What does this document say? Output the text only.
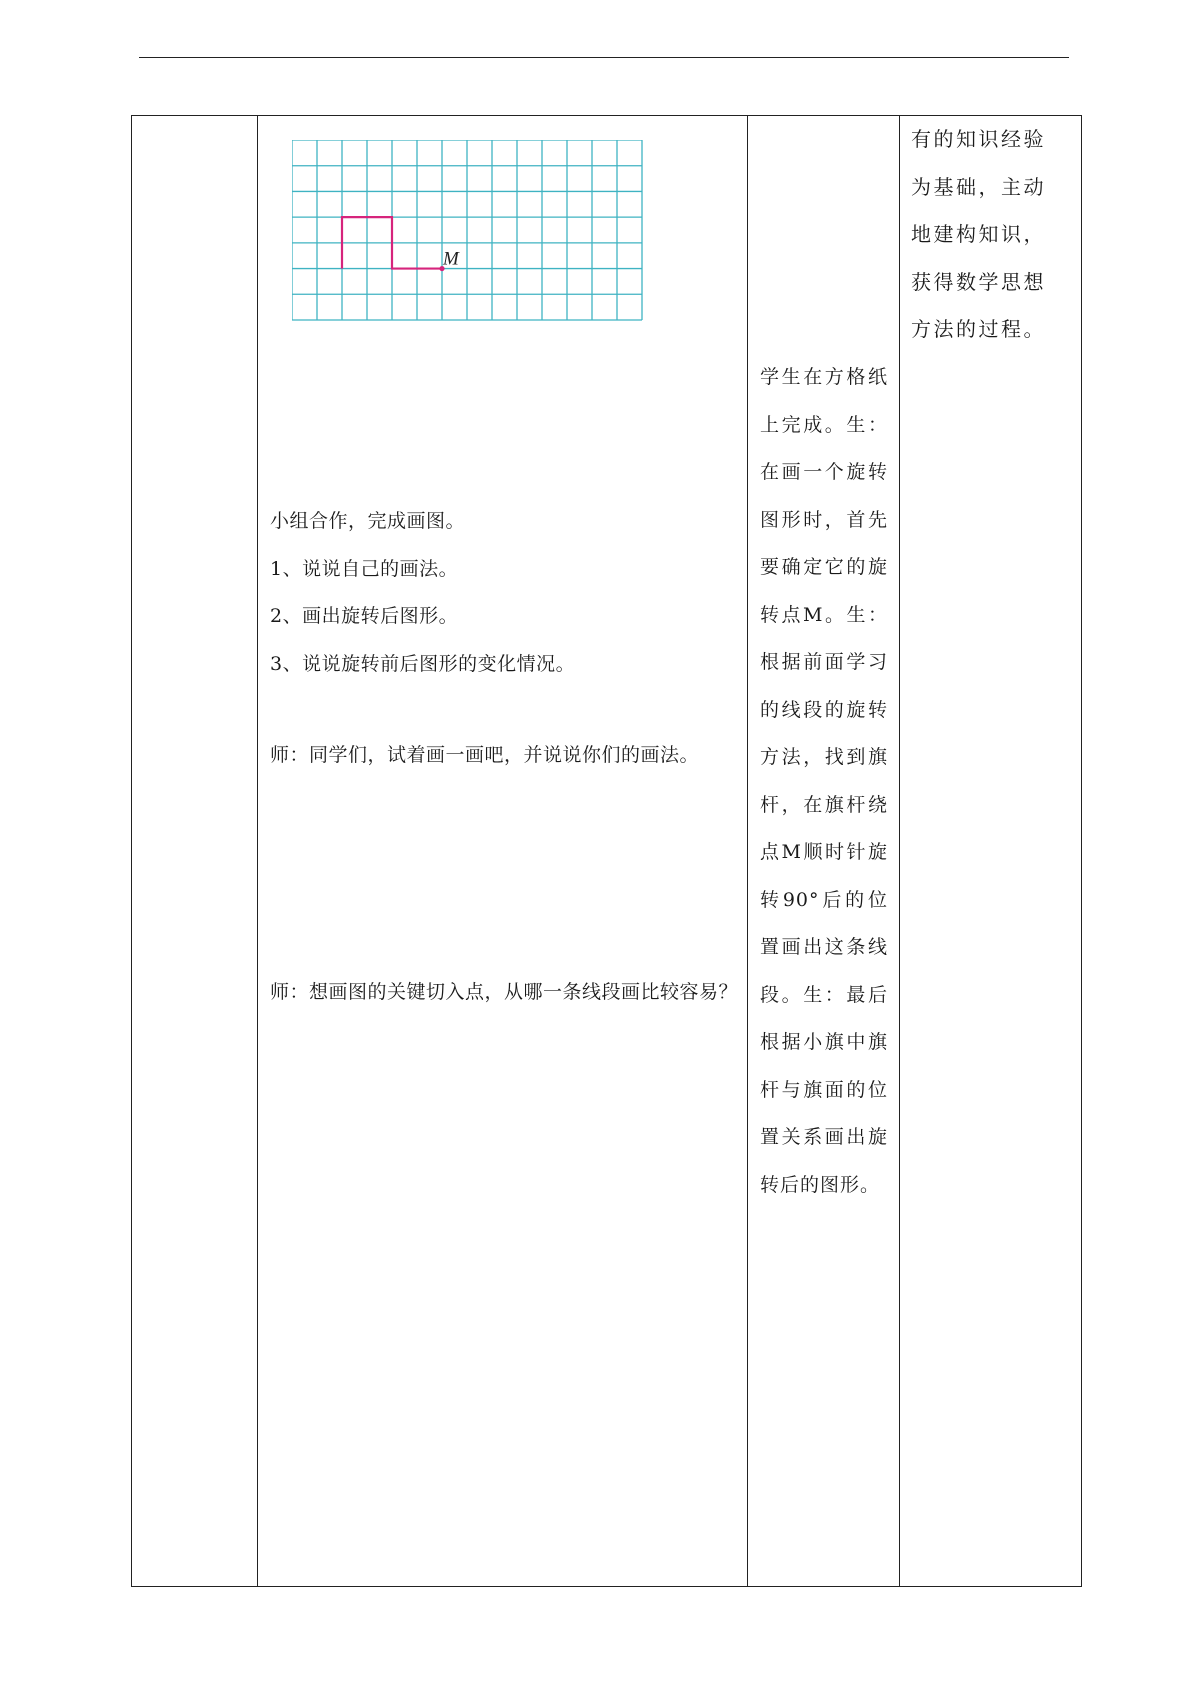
M

小组合作，完成画图。

1、说说自己的画法。

2、画出旋转后图形。

3、说说旋转前后图形的变化情况。

师：同学们，试着画一画吧，并说说你们的画法。

师：想画图的关键切入点，从哪一条线段画比较容易？

学生在方格纸上完成。生：在画一个旋转图形时，首先要确定它的旋转点M。生：根据前面学习的线段的旋转方法，找到旗杆，在旗杆绕点M顺时针旋转90°后的位置画出这条线段。生：最后根据小旗中旗杆与旗面的位置关系画出旋转后的图形。

有的知识经验为基础，主动地建构知识，获得数学思想方法的过程。
